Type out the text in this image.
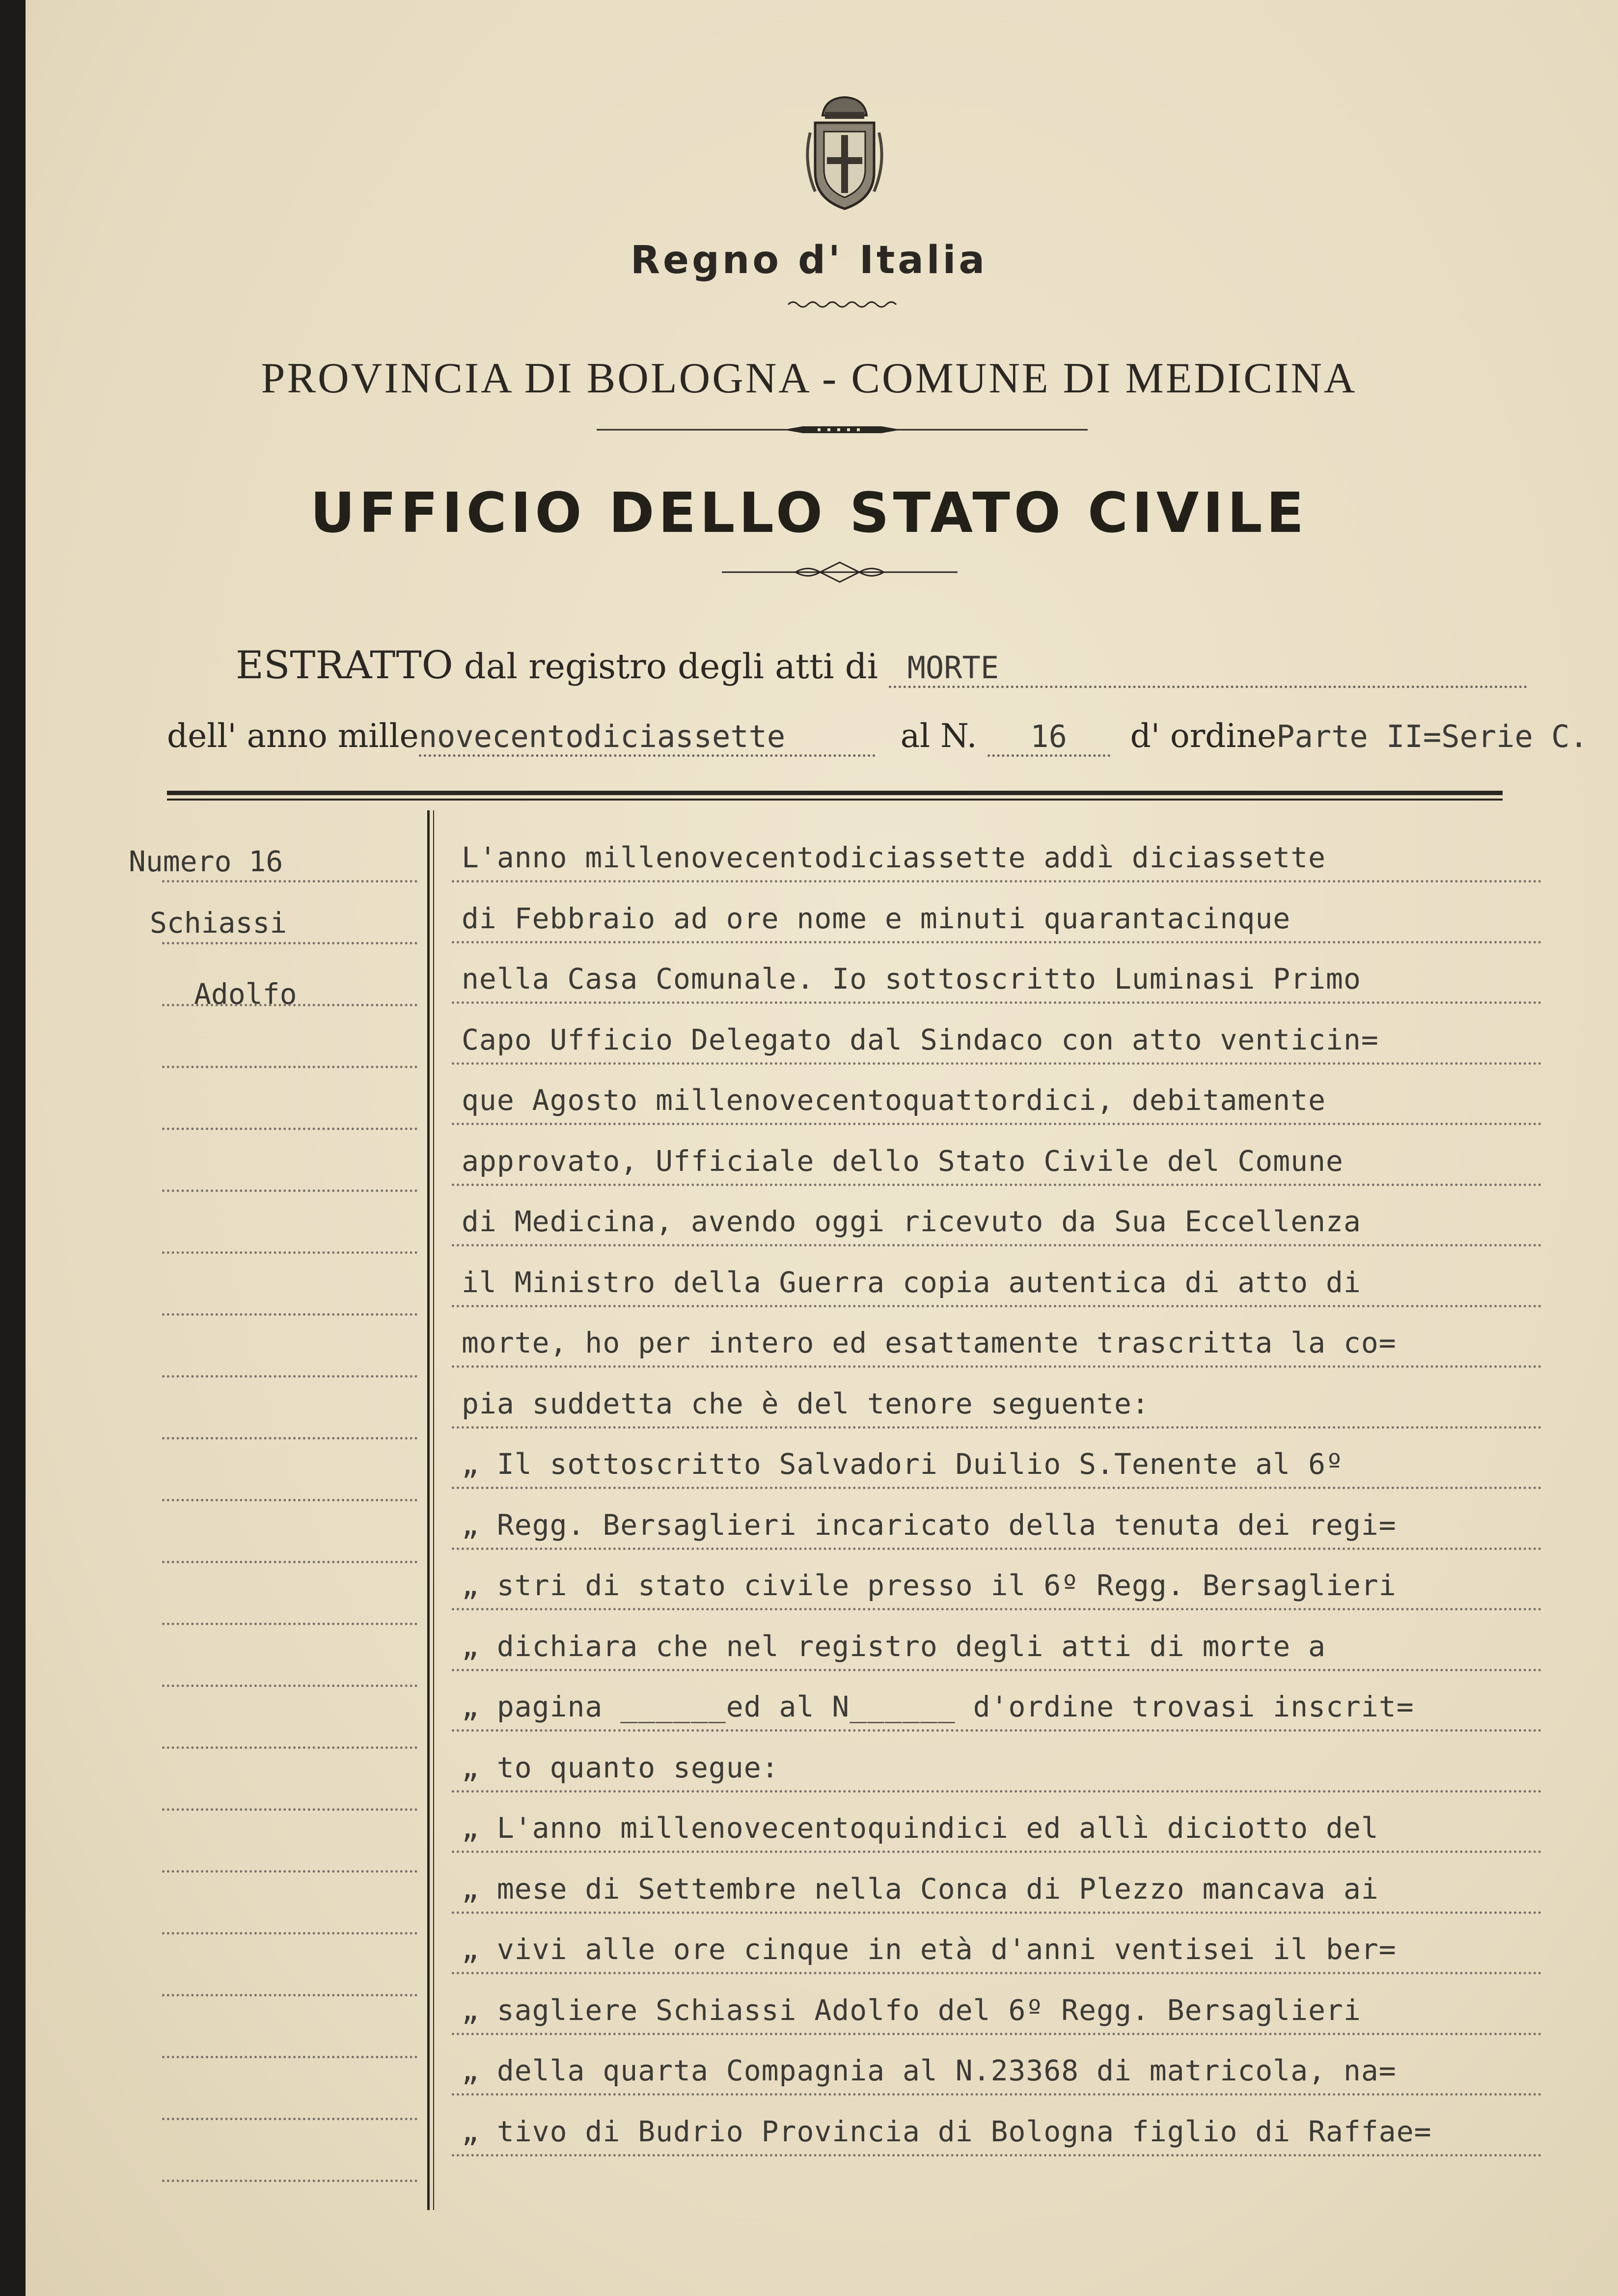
Regno d' Italia
PROVINCIA DI BOLOGNA - COMUNE DI MEDICINA
UFFICIO DELLO STATO CIVILE
ESTRATTO dal registro degli atti di MORTE
dell' anno millenovecentodiciassette	al N. 16 d' ordineParte II=Serie C.
Numero 16
Schiassi
Adolfo
L'anno millenovecentodiciassette addì diciassette
di Febbraio ad ore nome e minuti quarantacinque
nella Casa Comunale. Io sottoscritto Luminasi Primo
Capo Ufficio Delegato dal Sindaco con atto venticin=
que Agosto millenovecentoquattordici, debitamente
approvato, Ufficiale dello Stato Civile del Comune
di Medicina, avendo oggi ricevuto da Sua Eccellenza
il Ministro della Guerra copia autentica di atto di
morte, ho per intero ed esattamente trascritta la co=
pia suddetta che è del tenore seguente:
„ Il sottoscritto Salvadori Duilio S.Tenente al 6º
„ Regg. Bersaglieri incaricato della tenuta dei regi=
„ stri di stato civile presso il 6º Regg. Bersaglieri
„ dichiara che nel registro degli atti di morte a
„ pagina ______ed al N______ d'ordine trovasi inscrit=
„ to quanto segue:
„ L'anno millenovecentoquindici ed allì diciotto del
„ mese di Settembre nella Conca di Plezzo mancava ai
„ vivi alle ore cinque in età d'anni ventisei il ber=
„ sagliere Schiassi Adolfo del 6º Regg. Bersaglieri
„ della quarta Compagnia al N.23368 di matricola, na=
„ tivo di Budrio Provincia di Bologna figlio di Raffae=
